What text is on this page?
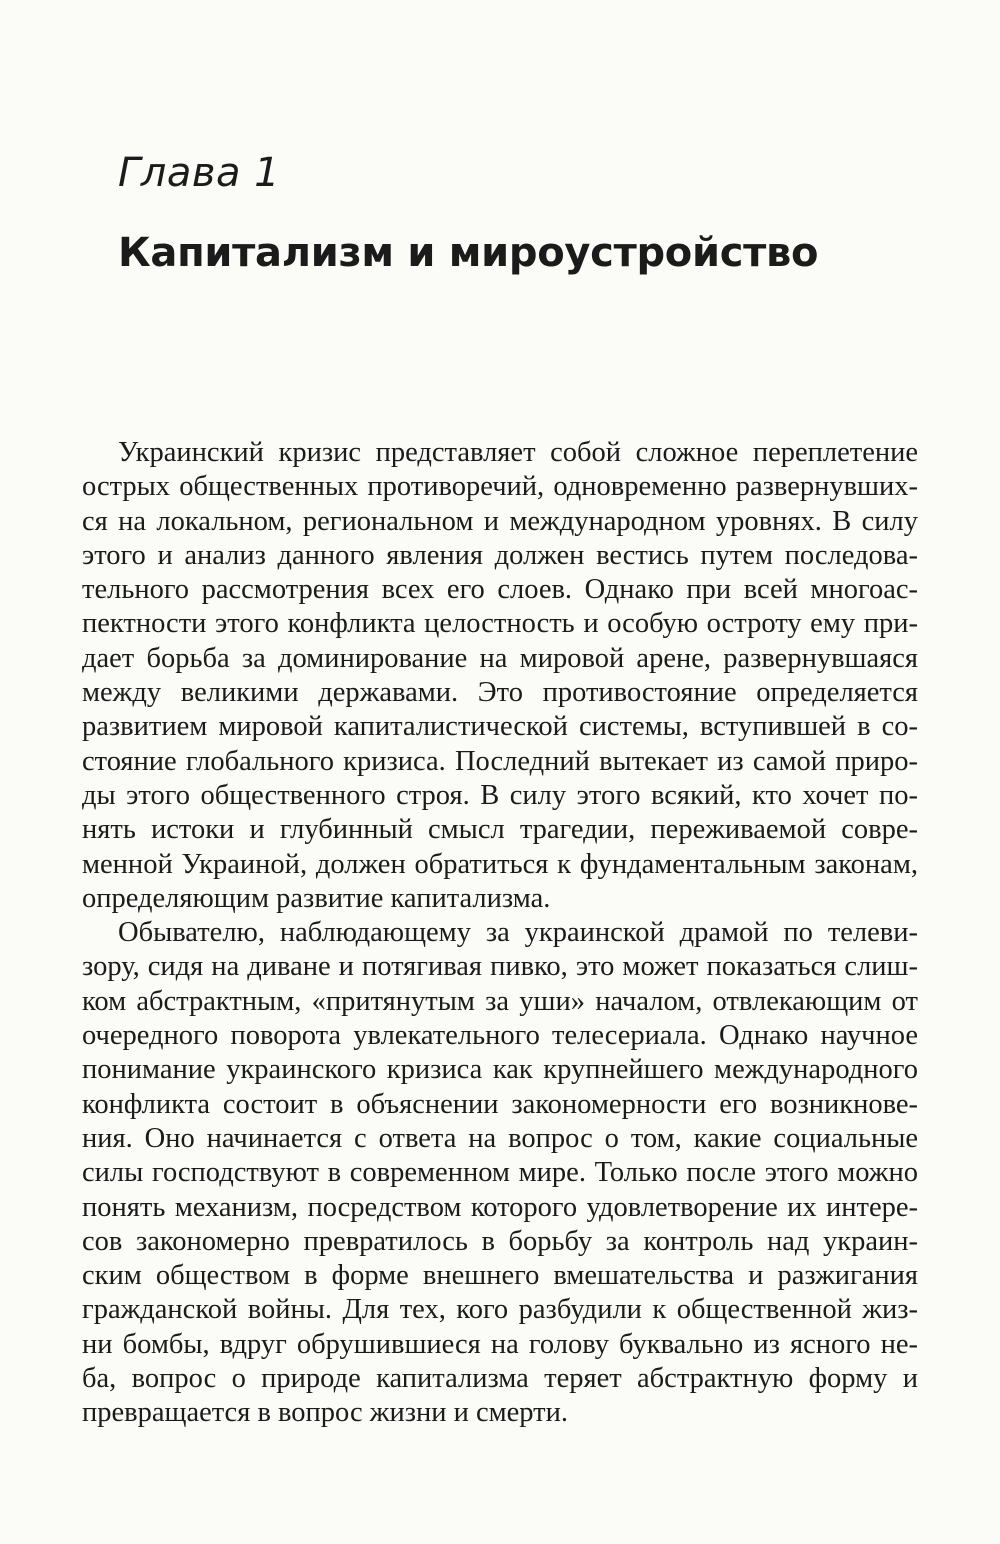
Глава 1
Капитализм и мироустройство
Украинский кризис представляет собой сложное переплетение
острых общественных противоречий, одновременно развернувших-
ся на локальном, региональном и международном уровнях. В силу
этого и анализ данного явления должен вестись путем последова-
тельного рассмотрения всех его слоев. Однако при всей многоас-
пектности этого конфликта целостность и особую остроту ему при-
дает борьба за доминирование на мировой арене, развернувшаяся
между великими державами. Это противостояние определяется
развитием мировой капиталистической системы, вступившей в со-
стояние глобального кризиса. Последний вытекает из самой приро-
ды этого общественного строя. В силу этого всякий, кто хочет по-
нять истоки и глубинный смысл трагедии, переживаемой совре-
менной Украиной, должен обратиться к фундаментальным законам,
определяющим развитие капитализма.
Обывателю, наблюдающему за украинской драмой по телеви-
зору, сидя на диване и потягивая пивко, это может показаться слиш-
ком абстрактным, «притянутым за уши» началом, отвлекающим от
очередного поворота увлекательного телесериала. Однако научное
понимание украинского кризиса как крупнейшего международного
конфликта состоит в объяснении закономерности его возникнове-
ния. Оно начинается с ответа на вопрос о том, какие социальные
силы господствуют в современном мире. Только после этого можно
понять механизм, посредством которого удовлетворение их интере-
сов закономерно превратилось в борьбу за контроль над украин-
ским обществом в форме внешнего вмешательства и разжигания
гражданской войны. Для тех, кого разбудили к общественной жиз-
ни бомбы, вдруг обрушившиеся на голову буквально из ясного не-
ба, вопрос о природе капитализма теряет абстрактную форму и
превращается в вопрос жизни и смерти.
